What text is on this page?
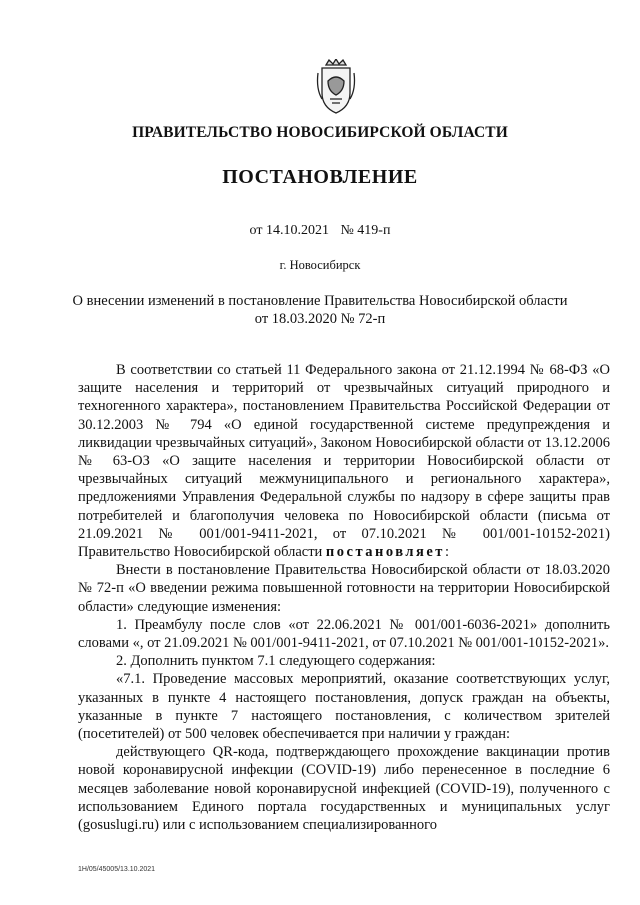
ПРАВИТЕЛЬСТВО НОВОСИБИРСКОЙ ОБЛАСТИ
ПОСТАНОВЛЕНИЕ
от 14.10.2021 № 419-п
г. Новосибирск
О внесении изменений в постановление Правительства Новосибирской области
от 18.03.2020 № 72-п

В соответствии со статьей 11 Федерального закона от 21.12.1994 № 68-ФЗ «О защите населения и территорий от чрезвычайных ситуаций природного и техногенного характера», постановлением Правительства Российской Федерации от 30.12.2003 № 794 «О единой государственной системе предупреждения и ликвидации чрезвычайных ситуаций», Законом Новосибирской области от 13.12.2006 № 63-ОЗ «О защите населения и территории Новосибирской области от чрезвычайных ситуаций межмуниципального и регионального характера», предложениями Управления Федеральной службы по надзору в сфере защиты прав потребителей и благополучия человека по Новосибирской области (письма от 21.09.2021 № 001/001-9411-2021, от 07.10.2021 № 001/001-10152-2021) Правительство Новосибирской области постановляет:

Внести в постановление Правительства Новосибирской области от 18.03.2020 № 72-п «О введении режима повышенной готовности на территории Новосибирской области» следующие изменения:

1. Преамбулу после слов «от 22.06.2021 № 001/001-6036-2021» дополнить словами «, от 21.09.2021 № 001/001-9411-2021, от 07.10.2021 № 001/001-10152-2021».

2. Дополнить пунктом 7.1 следующего содержания:

«7.1. Проведение массовых мероприятий, оказание соответствующих услуг, указанных в пункте 4 настоящего постановления, допуск граждан на объекты, указанные в пункте 7 настоящего постановления, с количеством зрителей (посетителей) от 500 человек обеспечивается при наличии у граждан:

действующего QR-кода, подтверждающего прохождение вакцинации против новой коронавирусной инфекции (COVID-19) либо перенесенное в последние 6 месяцев заболевание новой коронавирусной инфекцией (COVID-19), полученного с использованием Единого портала государственных и муниципальных услуг (gosuslugi.ru) или с использованием специализированного

1Н/05/45005/13.10.2021
